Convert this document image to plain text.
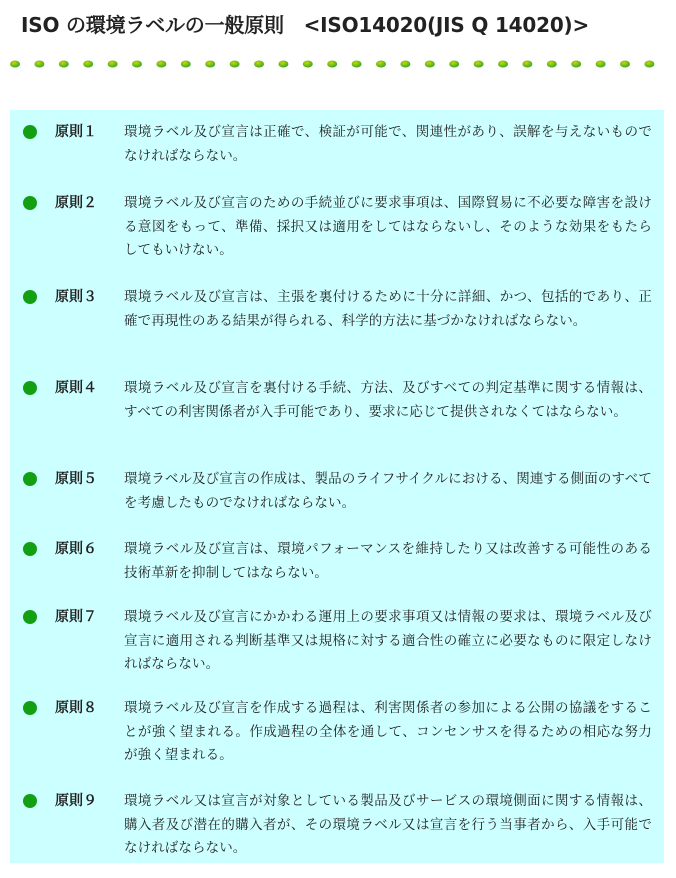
ISO の環境ラベルの一般原則　<ISO14020(JIS Q 14020)>
原則１ 環境ラベル及び宣言は正確で、検証が可能で、関連性があり、誤解を与えないものでなければならない。
原則２ 環境ラベル及び宣言のための手続並びに要求事項は、国際貿易に不必要な障害を設ける意図をもって、準備、採択又は適用をしてはならないし、そのような効果をもたらしてもいけない。
原則３ 環境ラベル及び宣言は、主張を裏付けるために十分に詳細、かつ、包括的であり、正確で再現性のある結果が得られる、科学的方法に基づかなければならない。
原則４ 環境ラベル及び宣言を裏付ける手続、方法、及びすべての判定基準に関する情報は、すべての利害関係者が入手可能であり、要求に応じて提供されなくてはならない。
原則５ 環境ラベル及び宣言の作成は、製品のライフサイクルにおける、関連する側面のすべてを考慮したものでなければならない。
原則６ 環境ラベル及び宣言は、環境パフォーマンスを維持したり又は改善する可能性のある技術革新を抑制してはならない。
原則７ 環境ラベル及び宣言にかかわる運用上の要求事項又は情報の要求は、環境ラベル及び宣言に適用される判断基準又は規格に対する適合性の確立に必要なものに限定しなければならない。
原則８ 環境ラベル及び宣言を作成する過程は、利害関係者の参加による公開の協議をすることが強く望まれる。作成過程の全体を通して、コンセンサスを得るための相応な努力が強く望まれる。
原則９ 環境ラベル又は宣言が対象としている製品及びサービスの環境側面に関する情報は、購入者及び潜在的購入者が、その環境ラベル又は宣言を行う当事者から、入手可能でなければならない。
